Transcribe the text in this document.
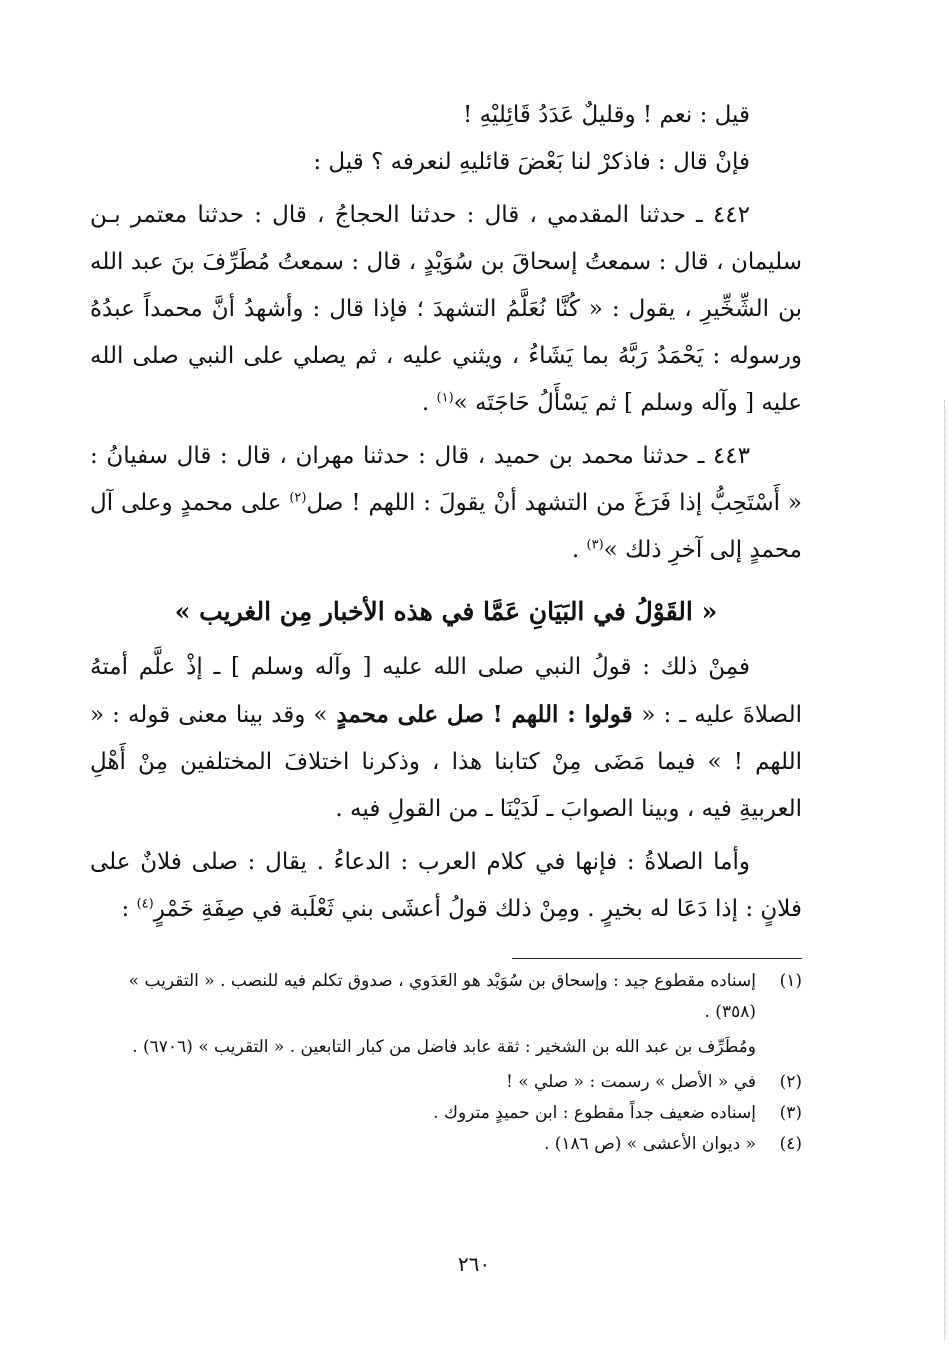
قيل : نعم ! وقليلٌ عَدَدُ قَائِليْهِ !

فإنْ قال : فاذكرْ لنا بَعْضَ قائليهِ لنعرفه ؟ قيل :

٤٤٢ ـ حدثنا المقدمي ، قال : حدثنا الحجاجُ ، قال : حدثنا معتمر بـن سليمان ، قال : سمعتُ إسحاقَ بن سُوَيْدٍ ، قال : سمعتُ مُطَرِّفَ بنَ عبد الله بن الشِّخِّيرِ ، يقول : « كُنَّا نُعَلَّمُ التشهدَ ؛ فإذا قال : وأشهدُ أنَّ محمداً عبدُهُ ورسوله : يَحْمَدُ رَبَّهُ بما يَشَاءُ ، ويثني عليه ، ثم يصلي على النبي صلى الله عليه [ وآله وسلم ] ثم يَسْأَلُ حَاجَتَه »$^{(١)}$ .

٤٤٣ ـ حدثنا محمد بن حميد ، قال : حدثنا مهران ، قال : قال سفيانُ : « أَسْتَحِبُّ إذا فَرَغَ من التشهد أنْ يقولَ : اللهم ! صل$^{(٢)}$ على محمدٍ وعلى آل محمدٍ إلى آخرِ ذلك »$^{(٣)}$ .

« القَوْلُ في البَيَانِ عَمَّا في هذه الأخبار مِن الغريب »

فمِنْ ذلك : قولُ النبي صلى الله عليه [ وآله وسلم ] ـ إذْ علَّم أمتهُ الصلاةَ عليه ـ : « قولوا : اللهم ! صل على محمدٍ » وقد بينا معنى قوله : « اللهم ! » فيما مَضَى مِنْ كتابنا هذا ، وذكرنا اختلافَ المختلفين مِنْ أَهْلِ العربيةِ فيه ، وبينا الصوابَ ـ لَدَيْنَا ـ من القولِ فيه .

وأما الصلاةُ : فإنها في كلام العرب : الدعاءُ . يقال : صلى فلانٌ على فلانٍ : إذا دَعَا له بخيرٍ . ومِنْ ذلك قولُ أعشَى بني ثَعْلَبة في صِفَةِ خَمْرٍ$^{(٤)}$ :

(١)
إسناده مقطوع جيد : وإسحاق بن سُوَيْد هو العَدَوي ، صدوق تكلم فيه للنصب . « التقريب » (٣٥٨) .

ومُطَرِّف بن عبد الله بن الشخير : ثقة عابد فاضل من كبار التابعين . « التقريب » (٦٧٠٦) .

(٢)
في « الأصل » رسمت : « صلي » !

(٣)
إسناده ضعيف جداً مقطوع : ابن حميدٍ متروك .

(٤)
« ديوان الأعشى » (ص ١٨٦) .

٢٦٠
